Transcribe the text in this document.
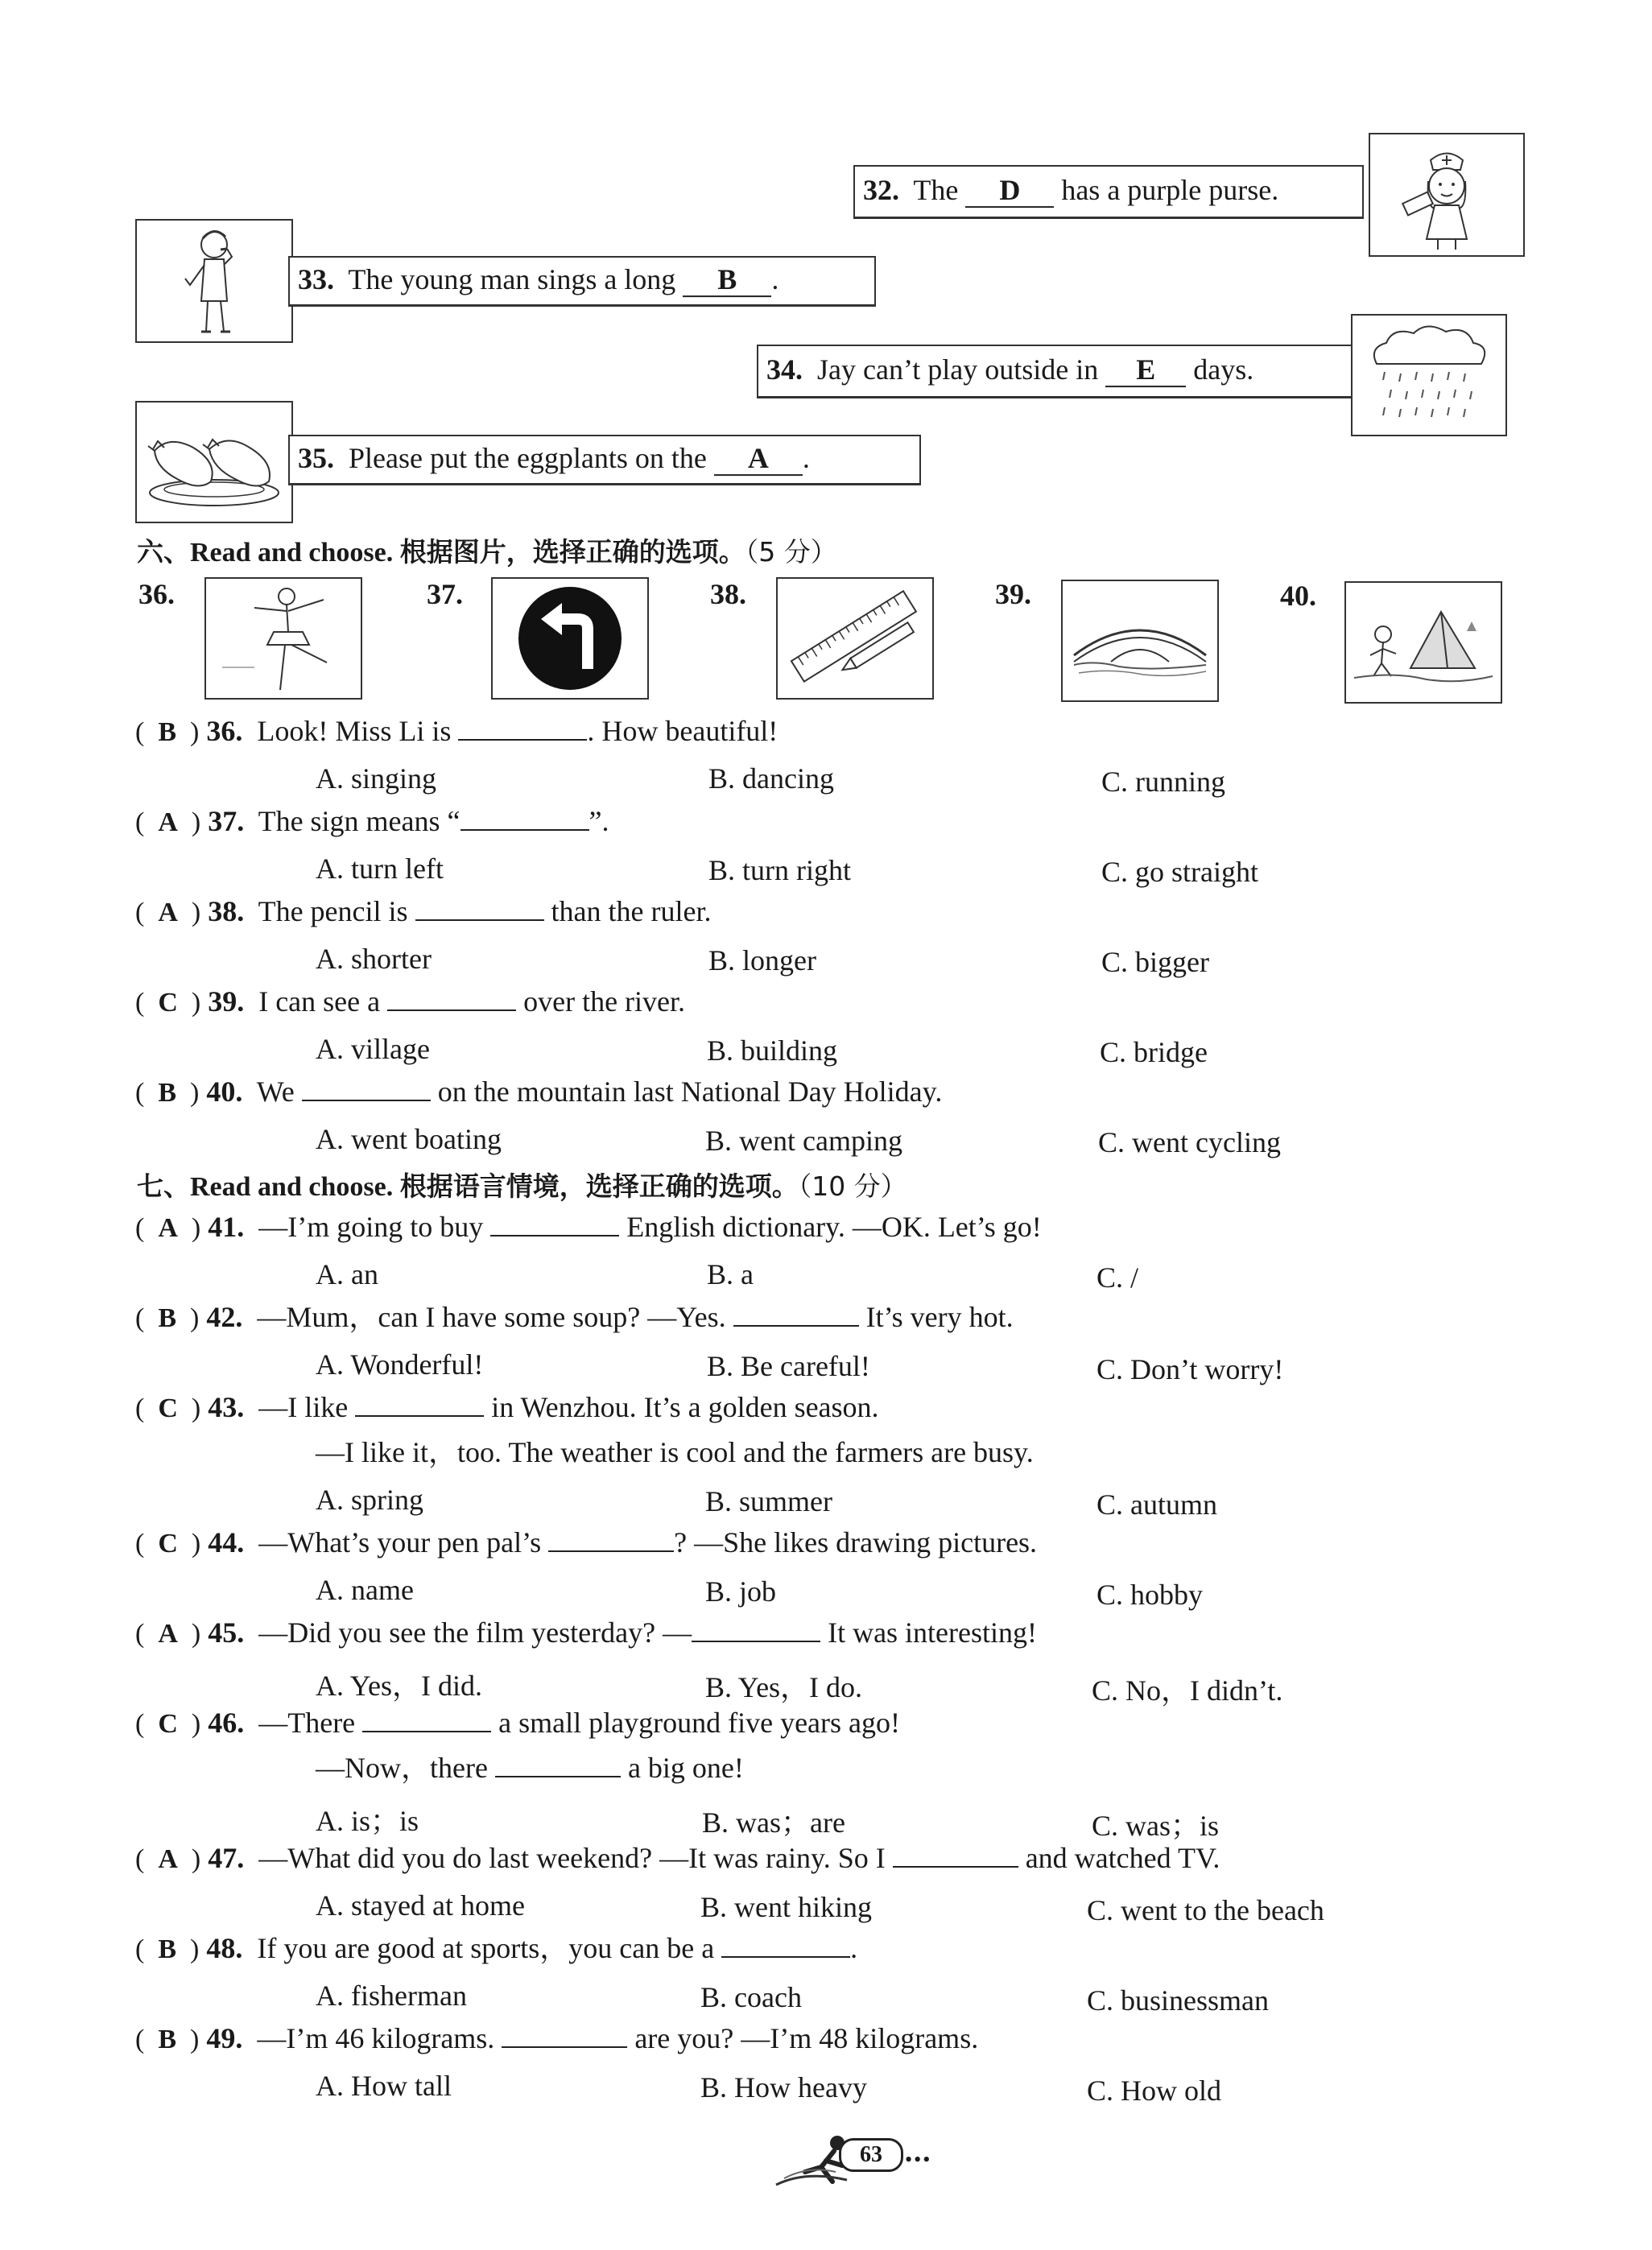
32. The D has a purple purse.
33. The young man sings a long B .
34. Jay can’t play outside in E days.
35. Please put the eggplants on the A .
六、Read and choose. 根据图片，选择正确的选项。（5 分）
36.	37.	38.	39.	40.
(  B  ) 36. Look! Miss Li is	. How beautiful!
A. singing	B. dancing	C. running
(  A  ) 37. The sign means “	”.
A. turn left	B. turn right	C. go straight
(  A  ) 38. The pencil is	than the ruler.
A. shorter	B. longer	C. bigger
(  C  ) 39. I can see a	over the river.
A. village	B. building	C. bridge
(  B  ) 40. We	on the mountain last National Day Holiday.
A. went boating	B. went camping	C. went cycling
七、Read and choose. 根据语言情境，选择正确的选项。（10 分）
(  A  ) 41. —I’m going to buy	English dictionary. —OK. Let’s go!
A. an	B. a	C. /
(  B  ) 42. —Mum，can I have some soup? —Yes.	It’s very hot.
A. Wonderful!	B. Be careful!	C. Don’t worry!
(  C  ) 43. —I like	in Wenzhou. It’s a golden season.
—I like it，too. The weather is cool and the farmers are busy.
A. spring	B. summer	C. autumn
(  C  ) 44. —What’s your pen pal’s	? —She likes drawing pictures.
A. name	B. job	C. hobby
(  A  ) 45. —Did you see the film yesterday? —	It was interesting!
A. Yes，I did.	B. Yes，I do.	C. No，I didn’t.
(  C  ) 46. —There	a small playground five years ago!
—Now，there	a big one!
A. is；is	B. was；are	C. was；is
(  A  ) 47. —What did you do last weekend? —It was rainy. So I	and watched TV.
A. stayed at home	B. went hiking	C. went to the beach
(  B  ) 48. If you are good at sports，you can be a	.
A. fisherman	B. coach	C. businessman
(  B  ) 49. —I’m 46 kilograms.	are you? —I’m 48 kilograms.
A. How tall	B. How heavy	C. How old
63	•••
